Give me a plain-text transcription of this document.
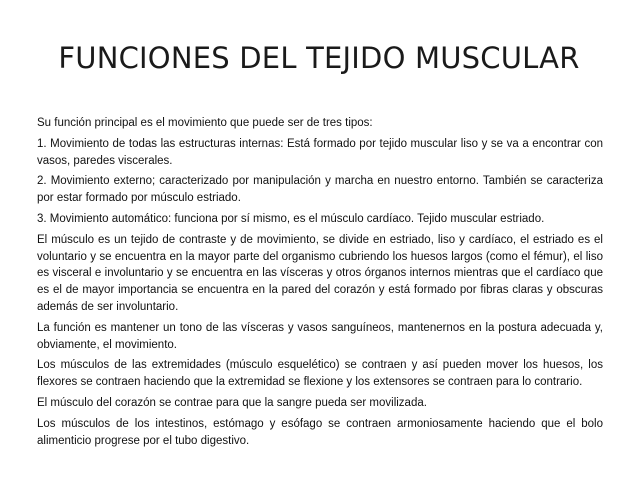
FUNCIONES DEL TEJIDO MUSCULAR

Su función principal es el movimiento que puede ser de tres tipos:

1. Movimiento de todas las estructuras internas: Está formado por tejido muscular liso y se va a encontrar con vasos, paredes viscerales.

2. Movimiento externo; caracterizado por manipulación y marcha en nuestro entorno. También se caracteriza por estar formado por músculo estriado.

3. Movimiento automático: funciona por sí mismo, es el músculo cardíaco. Tejido muscular estriado.

El músculo es un tejido de contraste y de movimiento, se divide en estriado, liso y cardíaco, el estriado es el voluntario y se encuentra en la mayor parte del organismo cubriendo los huesos largos (como el fémur), el liso es visceral e involuntario y se encuentra en las vísceras y otros órganos internos mientras que el cardíaco que es el de mayor importancia se encuentra en la pared del corazón y está formado por fibras claras y obscuras además de ser involuntario.

La función es mantener un tono de las vísceras y vasos sanguíneos, mantenernos en la postura adecuada y, obviamente, el movimiento.

Los músculos de las extremidades (músculo esquelético) se contraen y así pueden mover los huesos, los flexores se contraen haciendo que la extremidad se flexione y los extensores se contraen para lo contrario.

El músculo del corazón se contrae para que la sangre pueda ser movilizada.

Los músculos de los intestinos, estómago y esófago se contraen armoniosamente haciendo que el bolo alimenticio progrese por el tubo digestivo.
